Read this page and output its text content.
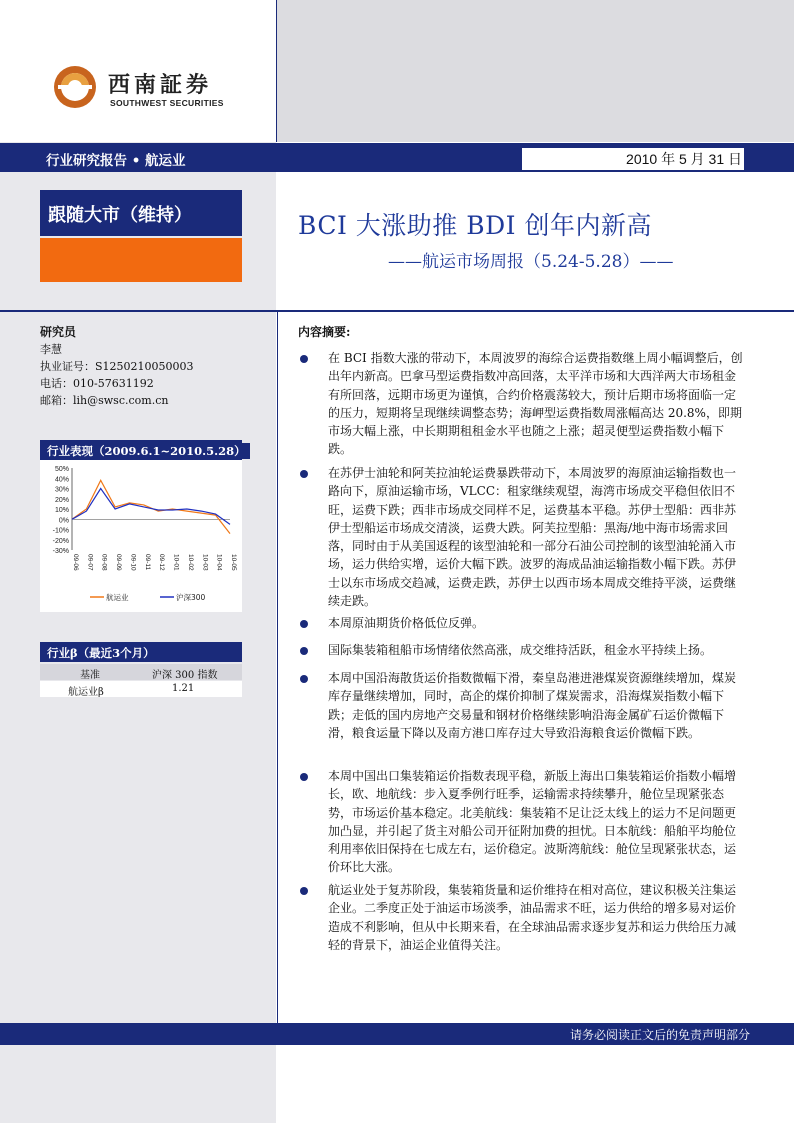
西南証券
SOUTHWEST SECURITIES
行业研究报告 • 航运业	2010 年 5 月 31 日
跟随大市（维持）	BCI 大涨助推 BDI 创年内新高
——航运市场周报（5.24-5.28）——
研究员
李慧
执业证号：S1250210050003
电话：010-57631192
邮箱：lih@swsc.com.cn
行业表现（2009.6.1~2010.5.28）
50%
40%
30%
20%
10%
0%
-10%
-20%
-30%
09-06 09-07 09-08 09-09 09-10 09-11 09-12 10-01 10-02 10-03 10-04 10-05
航运业	沪深300
行业β（最近3个月）
基准	沪深 300 指数
航运业β	1.21
内容摘要:

在 BCI 指数大涨的带动下，本周波罗的海综合运费指数继上周小幅调整后，创出年内新高。巴拿马型运费指数冲高回落，太平洋市场和大西洋两大市场租金有所回落，远期市场更为谨慎，合约价格震荡较大，预计后期市场将面临一定的压力，短期将呈现继续调整态势；海岬型运费指数周涨幅高达 20.8%，即期市场大幅上涨，中长期期租租金水平也随之上涨；超灵便型运费指数小幅下跌。

在苏伊士油轮和阿芙拉油轮运费暴跌带动下，本周波罗的海原油运输指数也一路向下，原油运输市场，VLCC：租家继续观望，海湾市场成交平稳但依旧不旺，运费下跌；西非市场成交同样不足，运费基本平稳。苏伊士型船：西非苏伊士型船运市场成交清淡，运费大跌。阿芙拉型船：黑海/地中海市场需求回落，同时由于从美国返程的该型油轮和一部分石油公司控制的该型油轮涌入市场，运力供给实增，运价大幅下跌。波罗的海成品油运输指数小幅下跌。苏伊士以东市场成交趋减，运费走跌，苏伊士以西市场本周成交维持平淡，运费继续走跌。

本周原油期货价格低位反弹。

国际集装箱租船市场情绪依然高涨，成交维持活跃，租金水平持续上扬。

本周中国沿海散货运价指数微幅下滑，秦皇岛港进港煤炭资源继续增加，煤炭库存量继续增加，同时，高企的煤价抑制了煤炭需求，沿海煤炭指数小幅下跌；走低的国内房地产交易量和钢材价格继续影响沿海金属矿石运价微幅下滑，粮食运量下降以及南方港口库存过大导致沿海粮食运价微幅下跌。

本周中国出口集装箱运价指数表现平稳，新版上海出口集装箱运价指数小幅增长，欧、地航线：步入夏季例行旺季，运输需求持续攀升，舱位呈现紧张态势，市场运价基本稳定。北美航线：集装箱不足让泛太线上的运力不足问题更加凸显，并引起了货主对船公司开征附加费的担忧。日本航线：船舶平均舱位利用率依旧保持在七成左右，运价稳定。波斯湾航线：舱位呈现紧张状态，运价环比大涨。

航运业处于复苏阶段，集装箱货量和运价维持在相对高位，建议积极关注集运企业。二季度正处于油运市场淡季，油品需求不旺，运力供给的增多易对运价造成不利影响，但从中长期来看，在全球油品需求逐步复苏和运力供给压力减轻的背景下，油运企业值得关注。

请务必阅读正文后的免责声明部分
